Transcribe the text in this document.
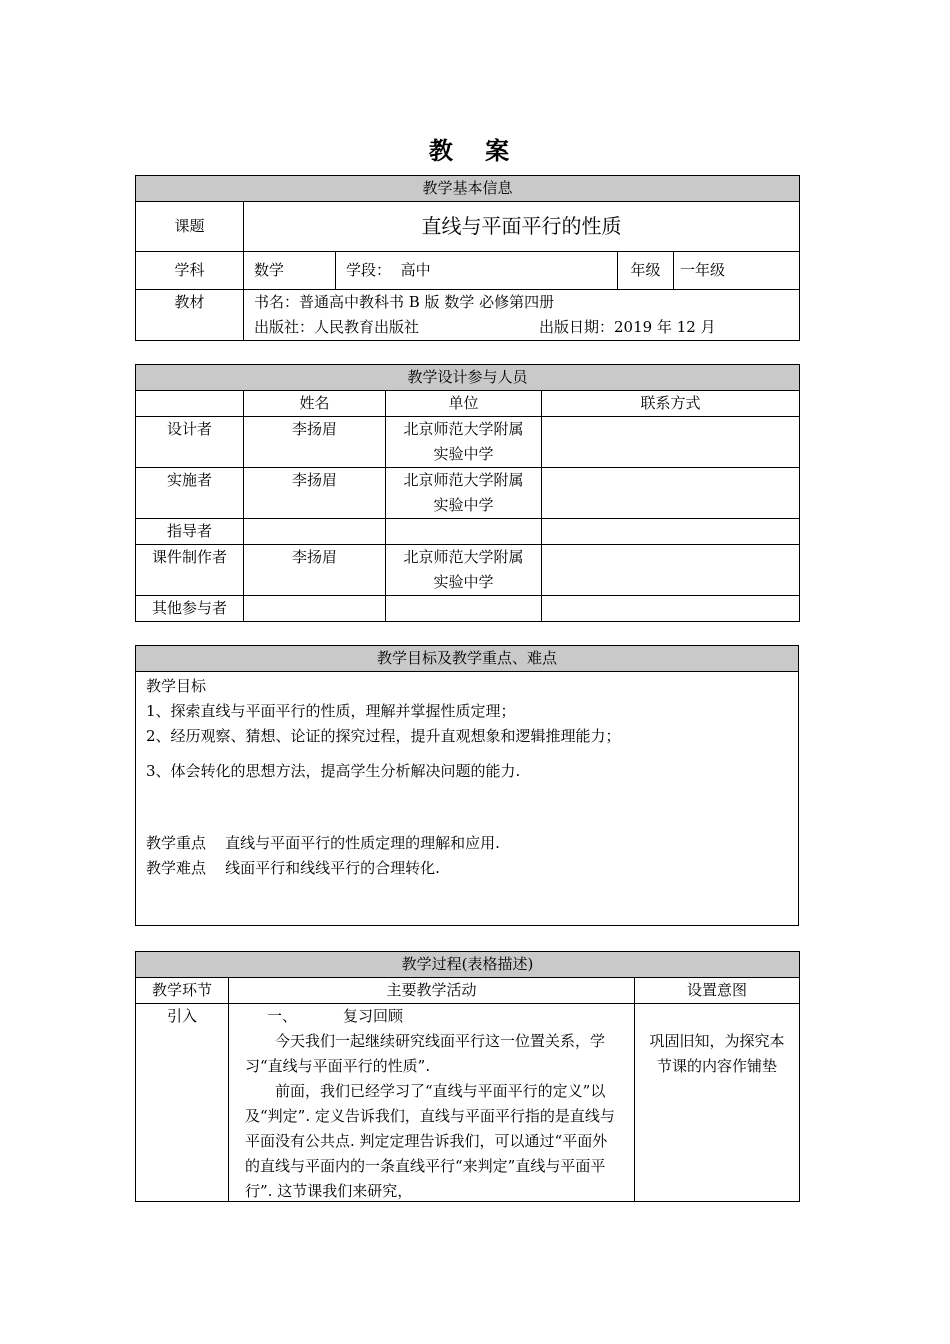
教 案
教学基本信息				
课题	直线与平面平行的性质			
学科	数学	学段： 高中	年级	一年级
教材	书名：普通高中教科书 B 版 数学 必修第四册
出版社：人民教育出版社 出版日期：2019 年 12 月			
教学设计参与人员			
	姓名	单位	联系方式
设计者	李扬眉	北京师范大学附属
实验中学	

实施者	李扬眉	北京师范大学附属
实验中学	

指导者		

课件制作者	李扬眉	北京师范大学附属
实验中学	

其他参与者		

教学目标及教学重点、难点

教学目标
1、探索直线与平面平行的性质，理解并掌握性质定理；
2、经历观察、猜想、论证的探究过程，提升直观想象和逻辑推理能力；
3、体会转化的思想方法，提高学生分析解决问题的能力.
教学重点 直线与平面平行的性质定理的理解和应用.
教学难点 线面平行和线线平行的合理转化.
教学过程(表格描述)		
教学环节	主要教学活动	设置意图
引入	一、 复习回顾
今天我们一起继续研究线面平行这一位置关系，学习“直线与平面平行的性质”.
前面，我们已经学习了“直线与平面平行的定义”以及“判定”. 定义告诉我们，直线与平面平行指的是直线与平面没有公共点. 判定定理告诉我们，可以通过“平面外的直线与平面内的一条直线平行“来判定”直线与平面平行”. 这节课我们来研究，	巩固旧知，为探究本节课的内容作铺垫
